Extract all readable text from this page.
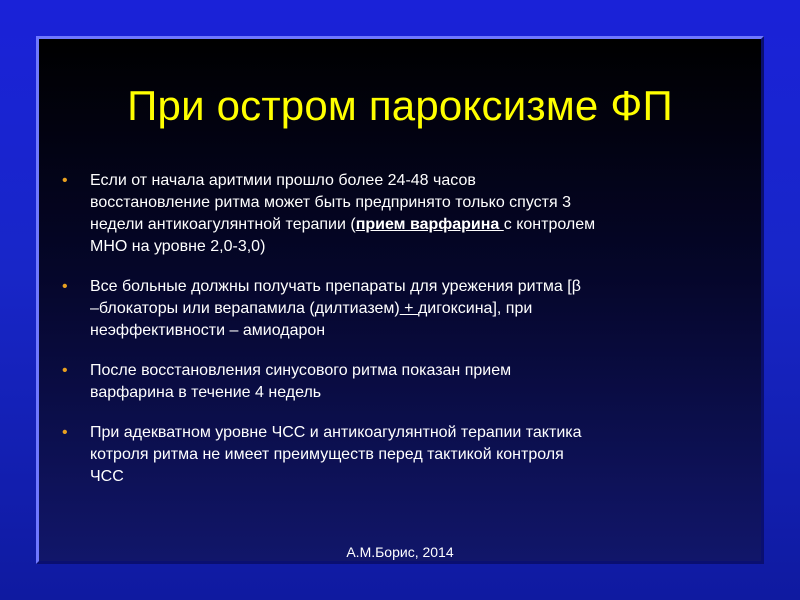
При остром пароксизме ФП
• Если от начала аритмии прошло более 24-48 часов
восстановление ритма может быть предпринято только спустя 3
недели антикоагулянтной терапии (прием варфарина с контролем
МНО на уровне 2,0-3,0)
• Все больные должны получать препараты для урежения ритма [β
–блокаторы или верапамила (дилтиазем) + дигоксина], при
неэффективности – амиодарон
• После восстановления синусового ритма показан прием
варфарина в течение 4 недель
• При адекватном уровне ЧСС и антикоагулянтной терапии тактика
котроля ритма не имеет преимуществ перед тактикой контроля
ЧСС
А.М.Борис, 2014
